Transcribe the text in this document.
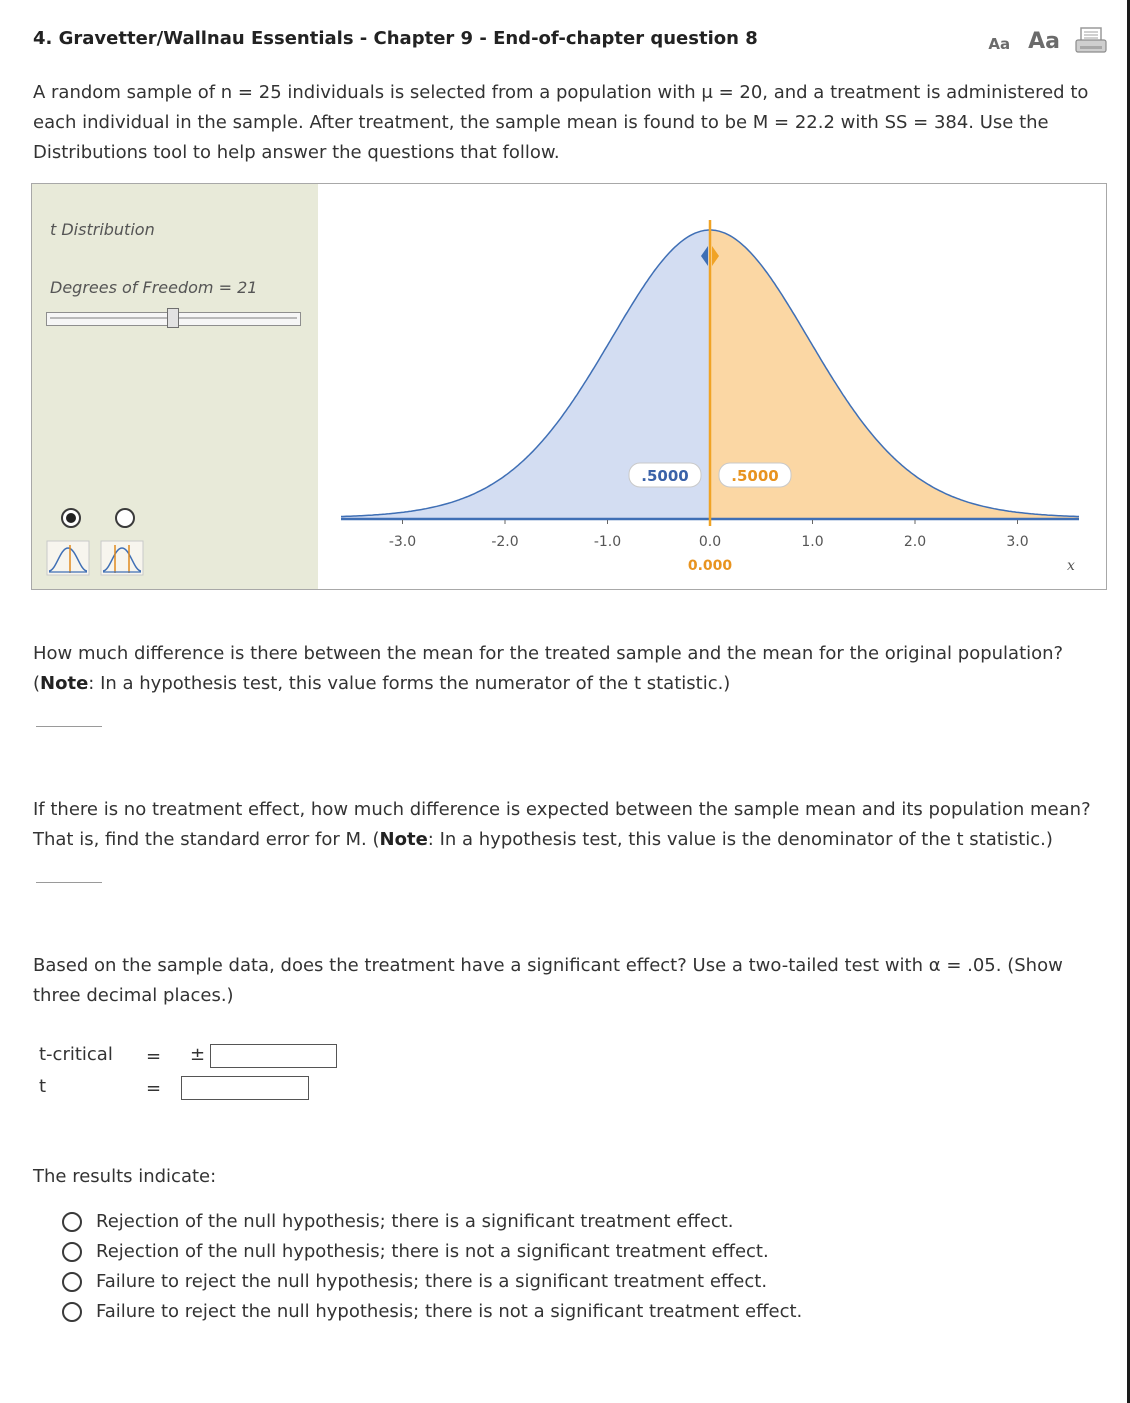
4. Gravetter/Wallnau Essentials - Chapter 9 - End-of-chapter question 8	Aa Aa
A random sample of n = 25 individuals is selected from a population with μ = 20, and a treatment is administered to each individual in the sample. After treatment, the sample mean is found to be M = 22.2 with SS = 384. Use the Distributions tool to help answer the questions that follow.
t Distribution
Degrees of Freedom = 21
-3.0	-2.0	-1.0	0.0	1.0	2.0	3.0
0.000
.5000	.5000
x
How much difference is there between the mean for the treated sample and the mean for the original population? (Note: In a hypothesis test, this value forms the numerator of the t statistic.)
If there is no treatment effect, how much difference is expected between the sample mean and its population mean? That is, find the standard error for M. (Note: In a hypothesis test, this value is the denominator of the t statistic.)
Based on the sample data, does the treatment have a significant effect? Use a two-tailed test with α = .05. (Show three decimal places.)
t-critical = ±
t	=
The results indicate:
Rejection of the null hypothesis; there is a significant treatment effect.
Rejection of the null hypothesis; there is not a significant treatment effect.
Failure to reject the null hypothesis; there is a significant treatment effect.
Failure to reject the null hypothesis; there is not a significant treatment effect.
